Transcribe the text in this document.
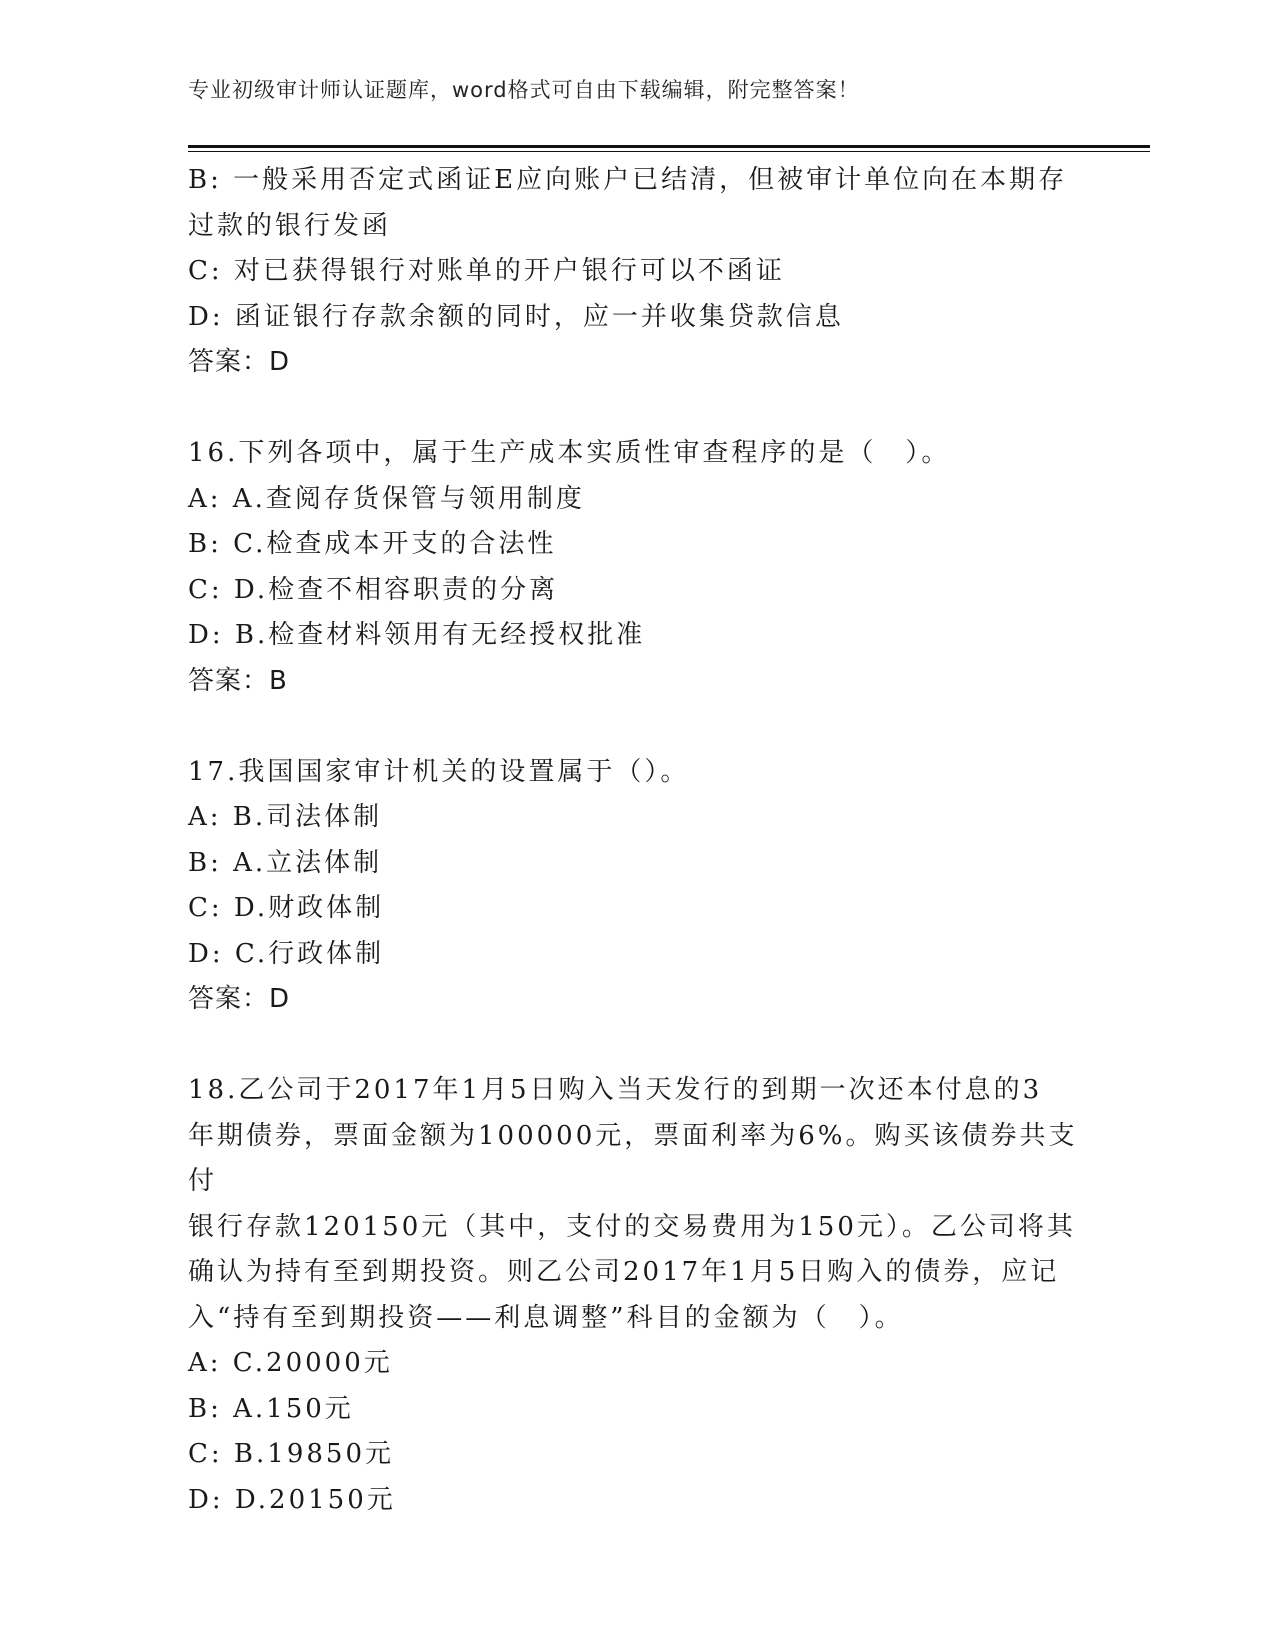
专业初级审计师认证题库，word格式可自由下载编辑，附完整答案！
B: 一般采用否定式函证E应向账户已结清，但被审计单位向在本期存
过款的银行发函
C: 对已获得银行对账单的开户银行可以不函证
D: 函证银行存款余额的同时，应一并收集贷款信息
答案：D
16.下列各项中，属于生产成本实质性审查程序的是（　）。
A: A.查阅存货保管与领用制度
B: C.检查成本开支的合法性
C: D.检查不相容职责的分离
D: B.检查材料领用有无经授权批准
答案：B
17.我国国家审计机关的设置属于（）。
A: B.司法体制
B: A.立法体制
C: D.财政体制
D: C.行政体制
答案：D
18.乙公司于2017年1月5日购入当天发行的到期一次还本付息的3
年期债券，票面金额为100000元，票面利率为6%。购买该债券共支付
银行存款120150元（其中，支付的交易费用为150元）。乙公司将其
确认为持有至到期投资。则乙公司2017年1月5日购入的债券，应记
入“持有至到期投资——利息调整”科目的金额为（　）。
A: C.20000元
B: A.150元
C: B.19850元
D: D.20150元
